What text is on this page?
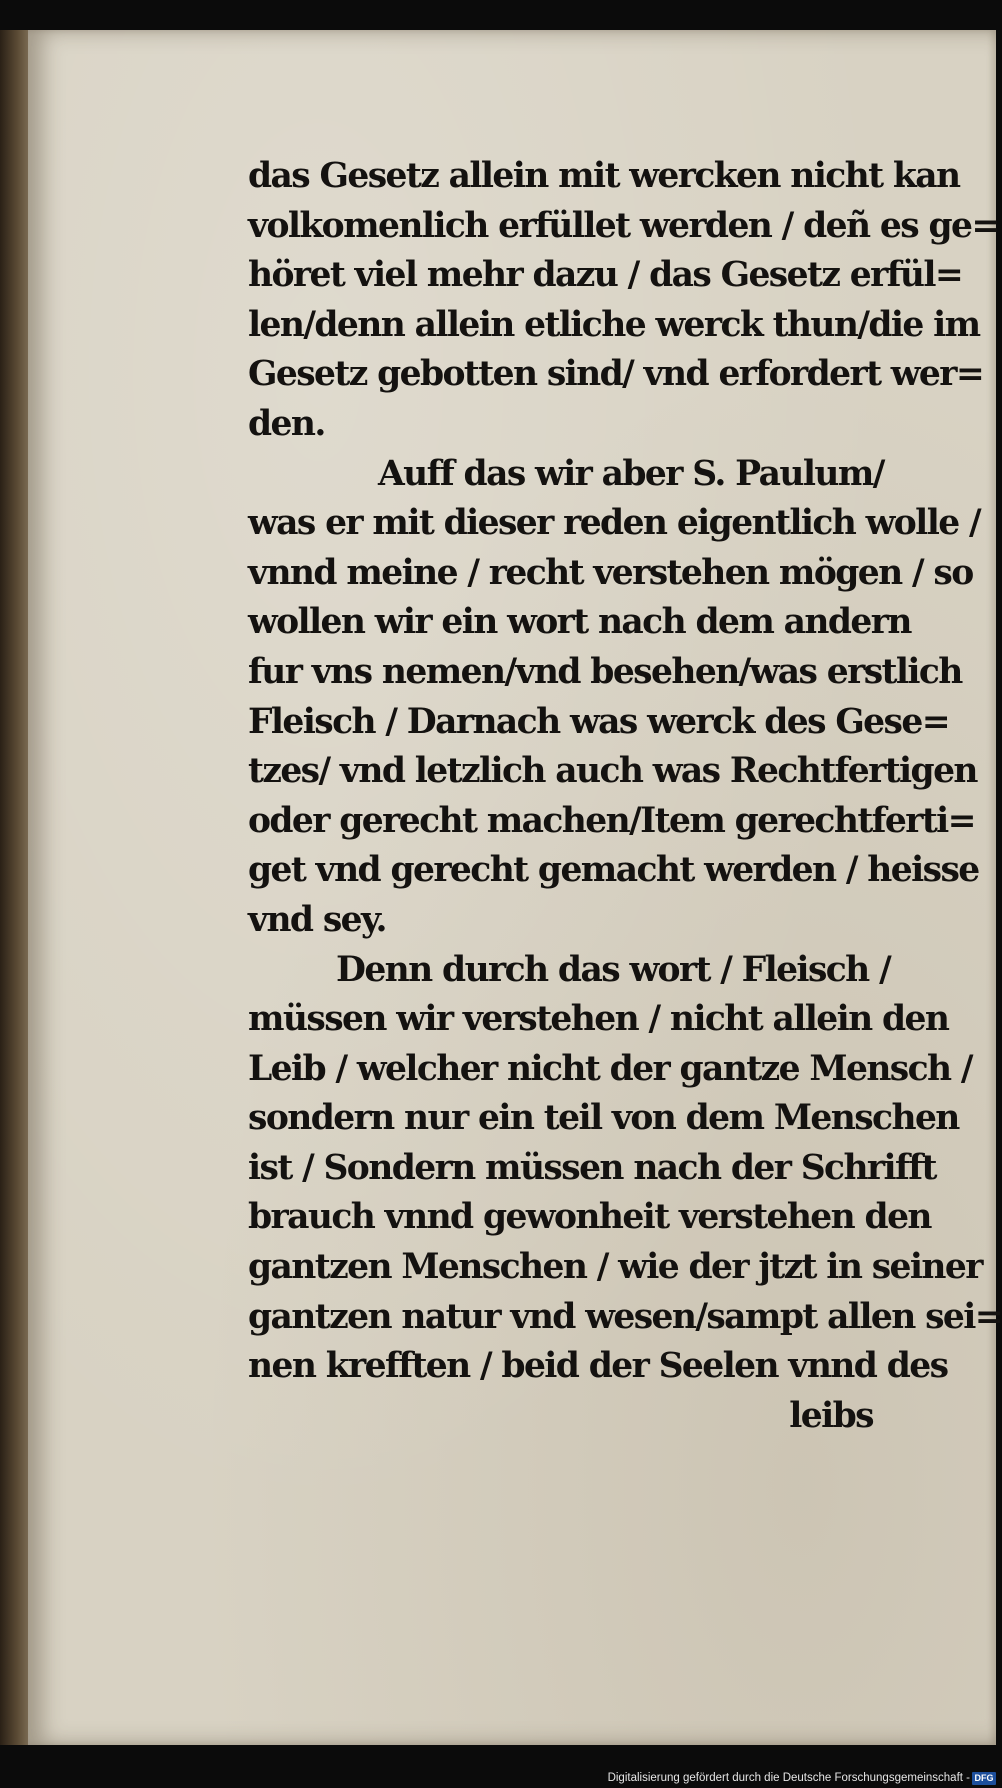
das Gesetz allein mit wercken nicht kan
volkomenlich erfüllet werden / deñ es ge=
höret viel mehr dazu / das Gesetz erfül=
len/denn allein etliche werck thun/die im
Gesetz gebotten sind/ vnd erfordert wer=
den.
Auff das wir aber S. Paulum/
was er mit dieser reden eigentlich wolle /
vnnd meine / recht verstehen mögen / so
wollen wir ein wort nach dem andern
fur vns nemen/vnd besehen/was erstlich
Fleisch / Darnach was werck des Gese=
tzes/ vnd letzlich auch was Rechtfertigen
oder gerecht machen/Item gerechtferti=
get vnd gerecht gemacht werden / heisse
vnd sey.
Denn durch das wort / Fleisch /
müssen wir verstehen / nicht allein den
Leib / welcher nicht der gantze Mensch /
sondern nur ein teil von dem Menschen
ist / Sondern müssen nach der Schrifft
brauch vnnd gewonheit verstehen den
gantzen Menschen / wie der jtzt in seiner
gantzen natur vnd wesen/sampt allen sei=
nen krefften / beid der Seelen vnnd des
leibs
Digitalisierung gefördert durch die Deutsche Forschungsgemeinschaft - DFG
